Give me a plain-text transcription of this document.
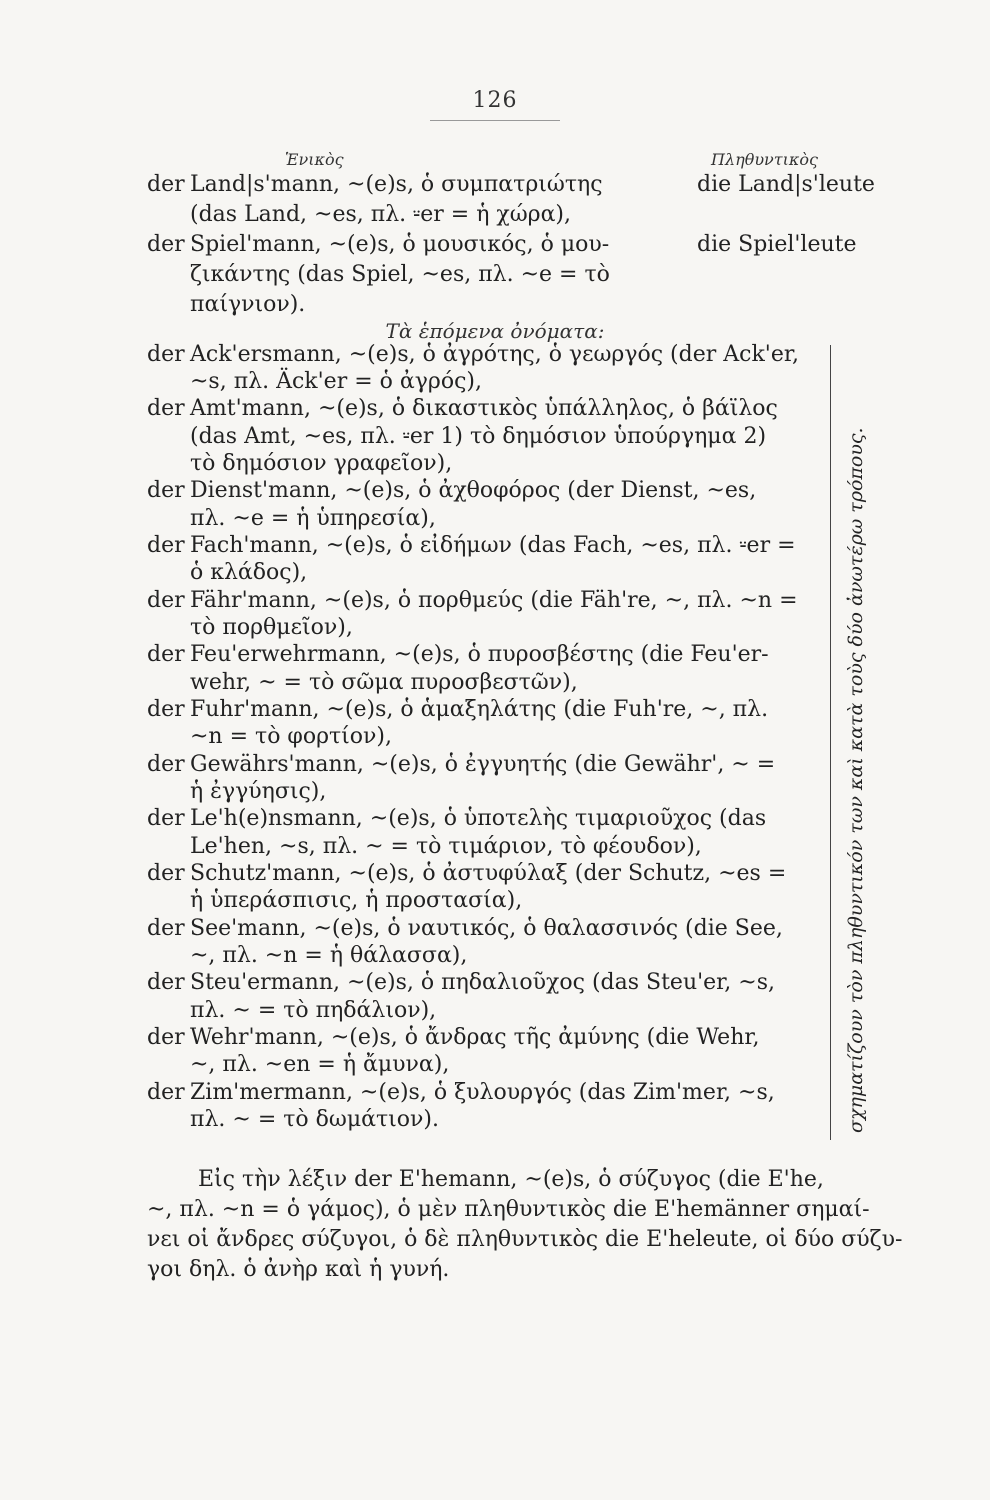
126
Ἑνικὸς	Πληθυντικὸς
der Land|s'mann, ~(e)s, ὁ συμπατριώτης	die Land|s'leute
(das Land, ~es, πλ. ⸚er = ἡ χώρα),
der Spiel'mann, ~(e)s, ὁ μουσικός, ὁ μου-	die Spiel'leute
ζικάντης (das Spiel, ~es, πλ. ~e = τὸ
παίγνιον).
Τὰ ἑπόμενα ὀνόματα:
der Ack'ersmann, ~(e)s, ὁ ἀγρότης, ὁ γεωργός (der Ack'er,
~s, πλ. Äck'er = ὁ ἀγρός),
der Amt'mann, ~(e)s, ὁ δικαστικὸς ὑπάλληλος, ὁ βάϊλος
(das Amt, ~es, πλ. ⸚er 1) τὸ δημόσιον ὑπούργημα 2)
τὸ δημόσιον γραφεῖον),
der Dienst'mann, ~(e)s, ὁ ἀχθοφόρος (der Dienst, ~es,
πλ. ~e = ἡ ὑπηρεσία),
der Fach'mann, ~(e)s, ὁ εἰδήμων (das Fach, ~es, πλ. ⸚er =
ὁ κλάδος),
der Fähr'mann, ~(e)s, ὁ πορθμεύς (die Fäh're, ~, πλ. ~n =
τὸ πορθμεῖον),
der Feu'erwehrmann, ~(e)s, ὁ πυροσβέστης (die Feu'er-
wehr, ~ = τὸ σῶμα πυροσβεστῶν),
der Fuhr'mann, ~(e)s, ὁ ἁμαξηλάτης (die Fuh're, ~, πλ.
~n = τὸ φορτίον),
der Gewährs'mann, ~(e)s, ὁ ἐγγυητής (die Gewähr', ~ =
ἡ ἐγγύησις),
der Le'h(e)nsmann, ~(e)s, ὁ ὑποτελὴς τιμαριοῦχος (das
Le'hen, ~s, πλ. ~ = τὸ τιμάριον, τὸ φέουδον),
der Schutz'mann, ~(e)s, ὁ ἀστυφύλαξ (der Schutz, ~es =
ἡ ὑπεράσπισις, ἡ προστασία),
der See'mann, ~(e)s, ὁ ναυτικός, ὁ θαλασσινός (die See,
~, πλ. ~n = ἡ θάλασσα),
der Steu'ermann, ~(e)s, ὁ πηδαλιοῦχος (das Steu'er, ~s,
πλ. ~ = τὸ πηδάλιον),
der Wehr'mann, ~(e)s, ὁ ἄνδρας τῆς ἀμύνης (die Wehr,
~, πλ. ~en = ἡ ἄμυνα),
der Zim'mermann, ~(e)s, ὁ ξυλουργός (das Zim'mer, ~s,
πλ. ~ = τὸ δωμάτιον).	σχηματίζουν τὸν πληθυντικόν των καὶ κατὰ τοὺς δύο ἀνωτέρω τρόπους.
Εἰς τὴν λέξιν der E'hemann, ~(e)s, ὁ σύζυγος (die E'he,
~, πλ. ~n = ὁ γάμος), ὁ μὲν πληθυντικὸς die E'hemänner σημαί-
νει οἱ ἄνδρες σύζυγοι, ὁ δὲ πληθυντικὸς die E'heleute, οἱ δύο σύζυ-
γοι δηλ. ὁ ἀνὴρ καὶ ἡ γυνή.
